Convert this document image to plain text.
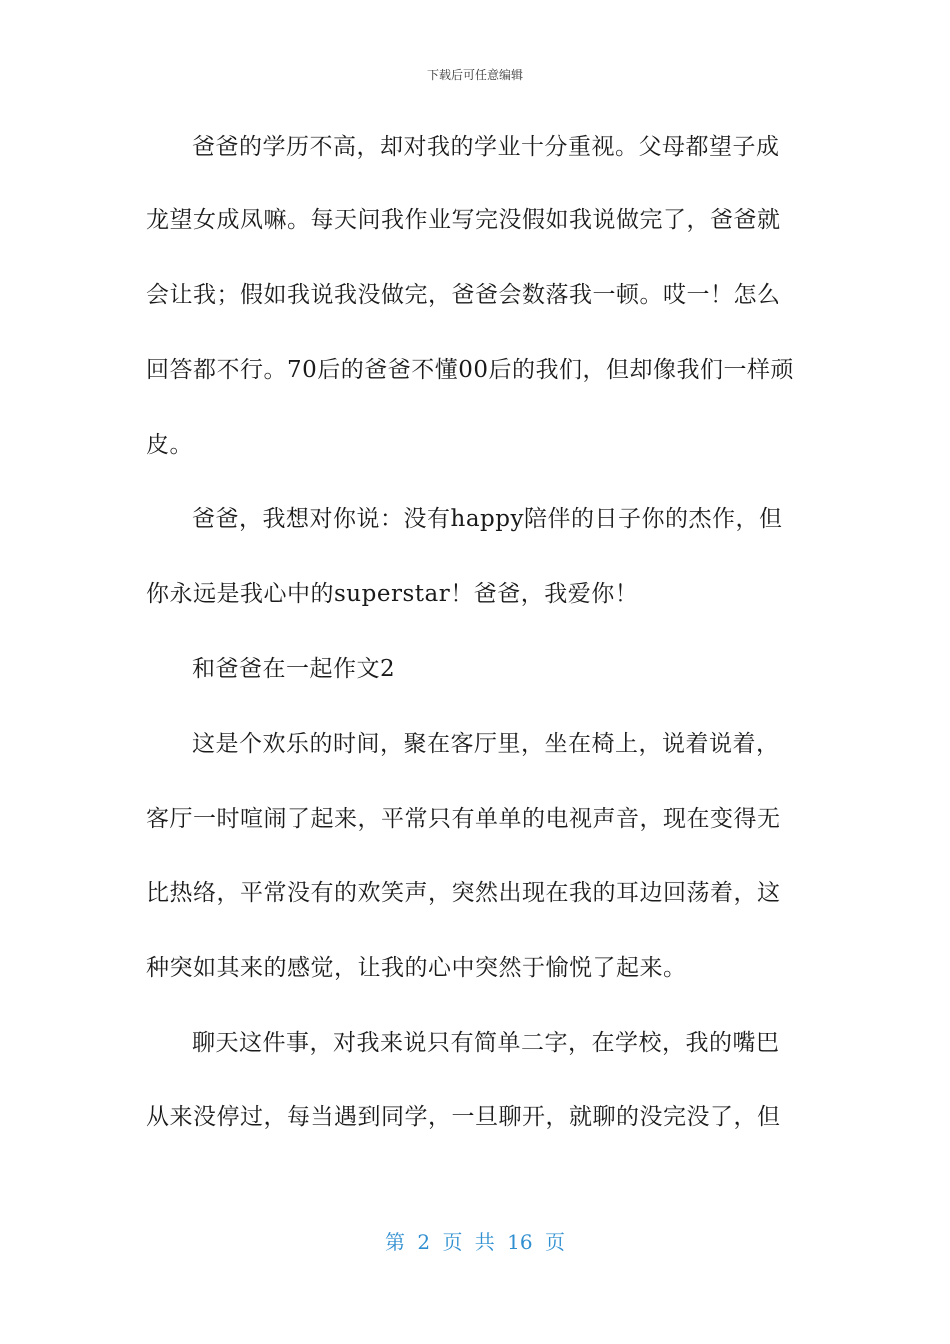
下载后可任意编辑
爸爸的学历不高，却对我的学业十分重视。父母都望子成
龙望女成凤嘛。每天问我作业写完没假如我说做完了，爸爸就
会让我；假如我说我没做完，爸爸会数落我一顿。哎一！怎么
回答都不行。70后的爸爸不懂00后的我们，但却像我们一样顽
皮。
爸爸，我想对你说：没有happy陪伴的日子你的杰作，但
你永远是我心中的superstar！爸爸，我爱你！
和爸爸在一起作文2
这是个欢乐的时间，聚在客厅里，坐在椅上，说着说着，
客厅一时喧闹了起来，平常只有单单的电视声音，现在变得无
比热络，平常没有的欢笑声，突然出现在我的耳边回荡着，这
种突如其来的感觉，让我的心中突然于愉悦了起来。
聊天这件事，对我来说只有简单二字，在学校，我的嘴巴
从来没停过，每当遇到同学，一旦聊开，就聊的没完没了，但
第 2 页 共 16 页
